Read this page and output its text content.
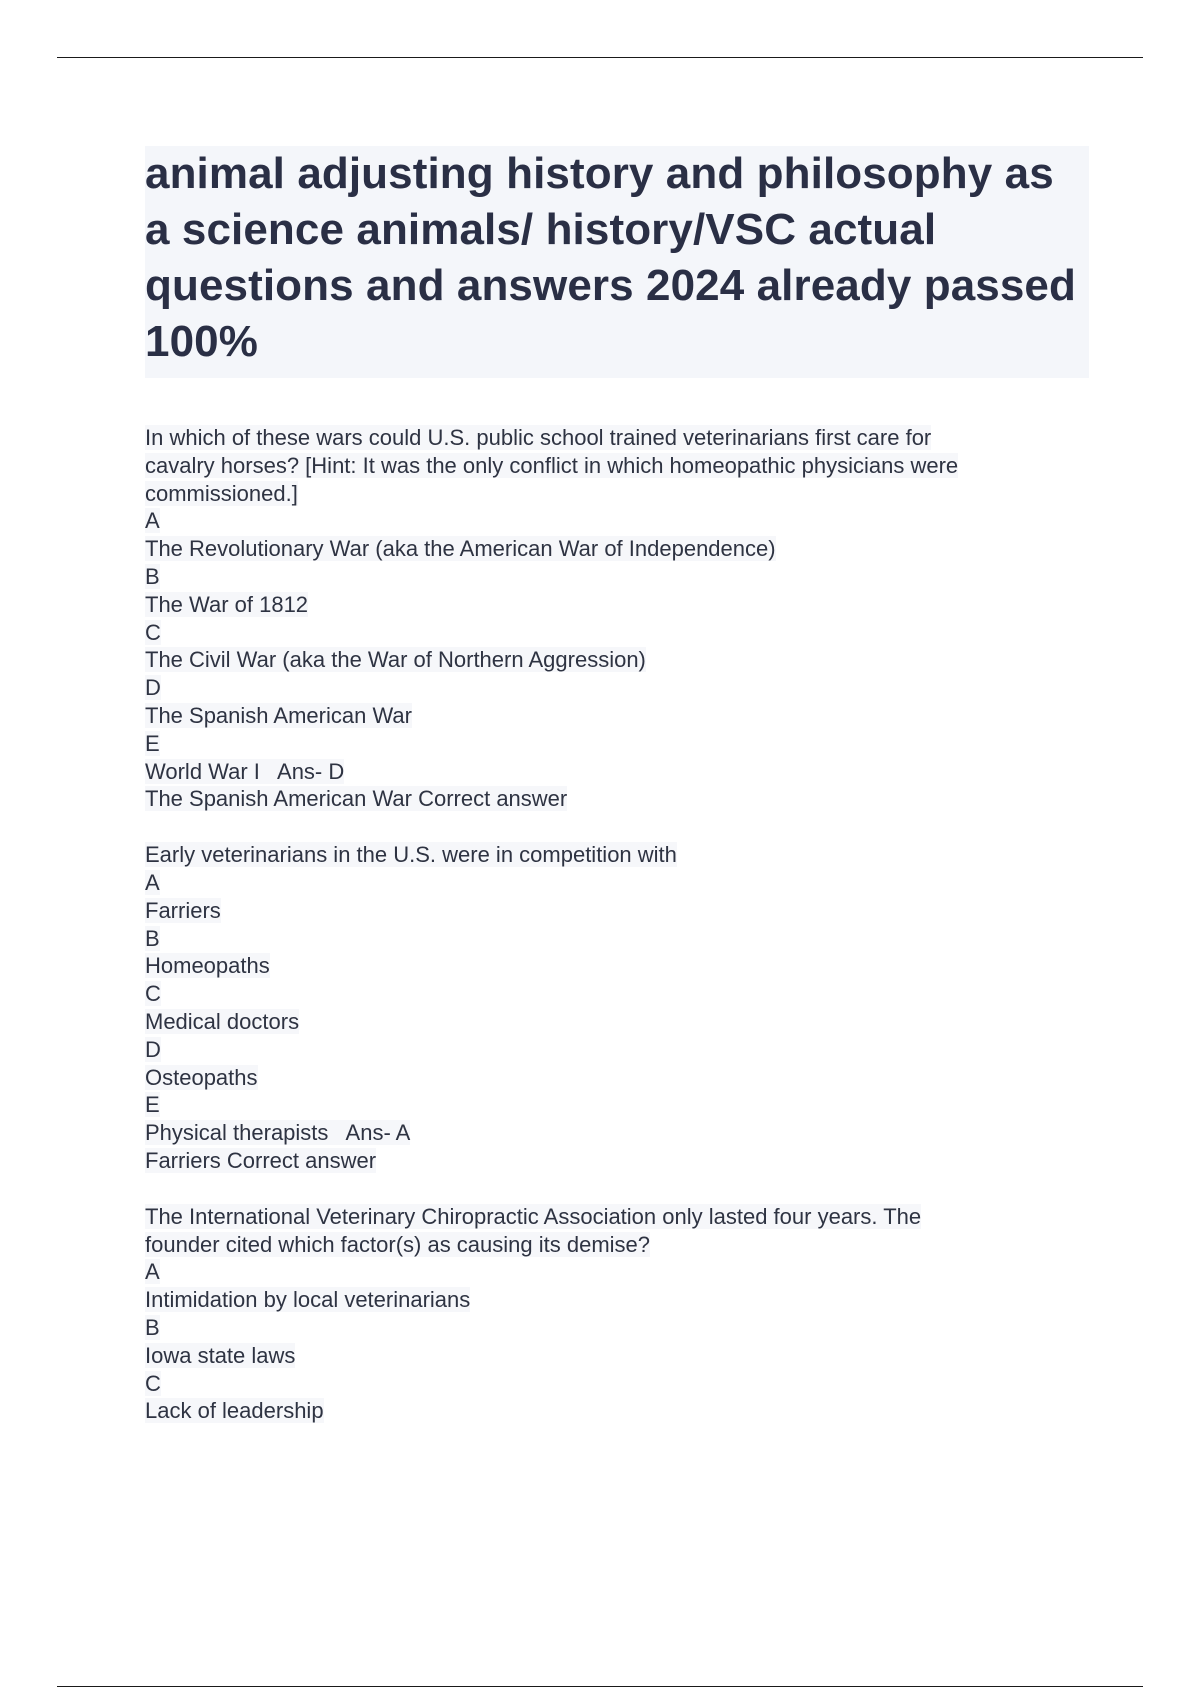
animal adjusting history and philosophy as a science animals/ history/VSC actual questions and answers 2024 already passed 100%
In which of these wars could U.S. public school trained veterinarians first care for
cavalry horses? [Hint: It was the only conflict in which homeopathic physicians were
commissioned.]
A
The Revolutionary War (aka the American War of Independence)
B
The War of 1812
C
The Civil War (aka the War of Northern Aggression)
D
The Spanish American War
E
World War I   Ans- D
The Spanish American War Correct answer
Early veterinarians in the U.S. were in competition with
A
Farriers
B
Homeopaths
C
Medical doctors
D
Osteopaths
E
Physical therapists   Ans- A
Farriers Correct answer
The International Veterinary Chiropractic Association only lasted four years. The
founder cited which factor(s) as causing its demise?
A
Intimidation by local veterinarians
B
Iowa state laws
C
Lack of leadership
